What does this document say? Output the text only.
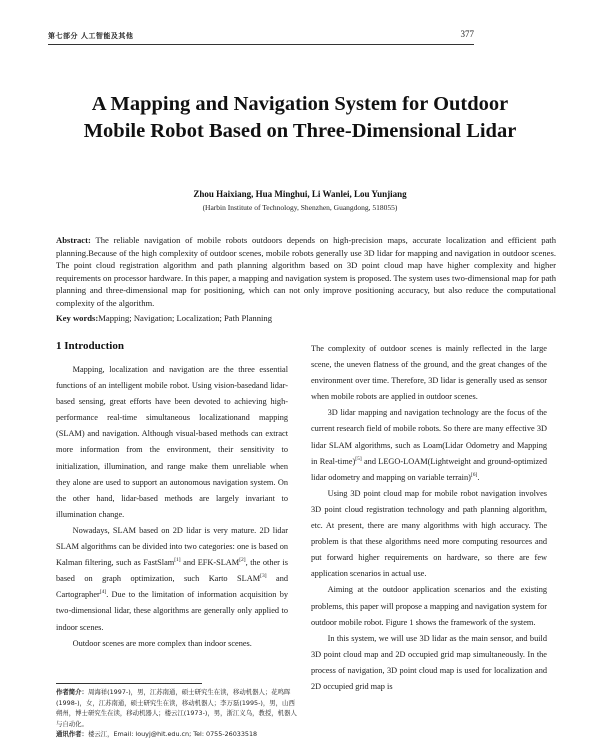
第七部分 人工智能及其他	377
A Mapping and Navigation System for Outdoor
Mobile Robot Based on Three-Dimensional Lidar
Zhou Haixiang, Hua Minghui, Li Wanlei, Lou Yunjiang
(Harbin Institute of Technology, Shenzhen, Guangdong, 518055)
Abstract: The reliable navigation of mobile robots outdoors depends on high-precision maps, accurate localization and efficient path planning.Because of the high complexity of outdoor scenes, mobile robots generally use 3D lidar for mapping and navigation in outdoor scenes. The point cloud registration algorithm and path planning algorithm based on 3D point cloud map have higher complexity and higher requirements on processor hardware. In this paper, a mapping and navigation system is proposed. The system uses two-dimensional map for path planning and three-dimensional map for positioning, which can not only improve positioning accuracy, but also reduce the computational complexity of the algorithm.
Key words:Mapping; Navigation; Localization; Path Planning
1 Introduction

Mapping, localization and navigation are the three essential functions of an intelligent mobile robot. Using vision-basedand lidar-based sensing, great efforts have been devoted to achieving high-performance real-time simultaneous localizationand mapping (SLAM) and navigation. Although visual-based methods can extract more information from the environment, their sensitivity to initialization, illumination, and range make them unreliable when they alone are used to support an autonomous navigation system. On the other hand, lidar-based methods are largely invariant to illumination change.

Nowadays, SLAM based on 2D lidar is very mature. 2D lidar SLAM algorithms can be divided into two categories: one is based on Kalman filtering, such as FastSlam[1] and EFK-SLAM[2], the other is based on graph optimization, such Karto SLAM[3] and Cartographer[4]. Due to the limitation of information acquisition by two-dimensional lidar, these algorithms are generally only applied to indoor scenes.

Outdoor scenes are more complex than indoor scenes.

The complexity of outdoor scenes is mainly reflected in the large scene, the uneven flatness of the ground, and the great changes of the environment over time. Therefore, 3D lidar is generally used as sensor when mobile robots are applied in outdoor scenes.

3D lidar mapping and navigation technology are the focus of the current research field of mobile robots. So there are many effective 3D lidar SLAM algorithms, such as Loam(Lidar Odometry and Mapping in Real-time)[5] and LEGO-LOAM(Lightweight and ground-optimized lidar odometry and mapping on variable terrain)[6].

Using 3D point cloud map for mobile robot navigation involves 3D point cloud registration technology and path planning algorithm, etc. At present, there are many algorithms with high accuracy. The problem is that these algorithms need more computing resources and put forward higher requirements on hardware, so there are few application scenarios in actual use.

Aiming at the outdoor application scenarios and the existing problems, this paper will propose a mapping and navigation system for outdoor mobile robot. Figure 1 shows the framework of the system.

In this system, we will use 3D lidar as the main sensor, and build 3D point cloud map and 2D occupied grid map simultaneously. In the process of navigation, 3D point cloud map is used for localization and 2D occupied grid map is

作者简介：周海祥(1997-)，男，江苏南通，硕士研究生在读，移动机器人；花鸣晖(1998-)，女，江苏南通，硕士研究生在读，移动机器人；李万磊(1995-)，男，山西朔州，博士研究生在读，移动机器人；楼云江(1973-)，男，浙江义乌，教授，机器人与自动化。
通讯作者：楼云江，Email: louyj@hit.edu.cn; Tel: 0755-26033518
